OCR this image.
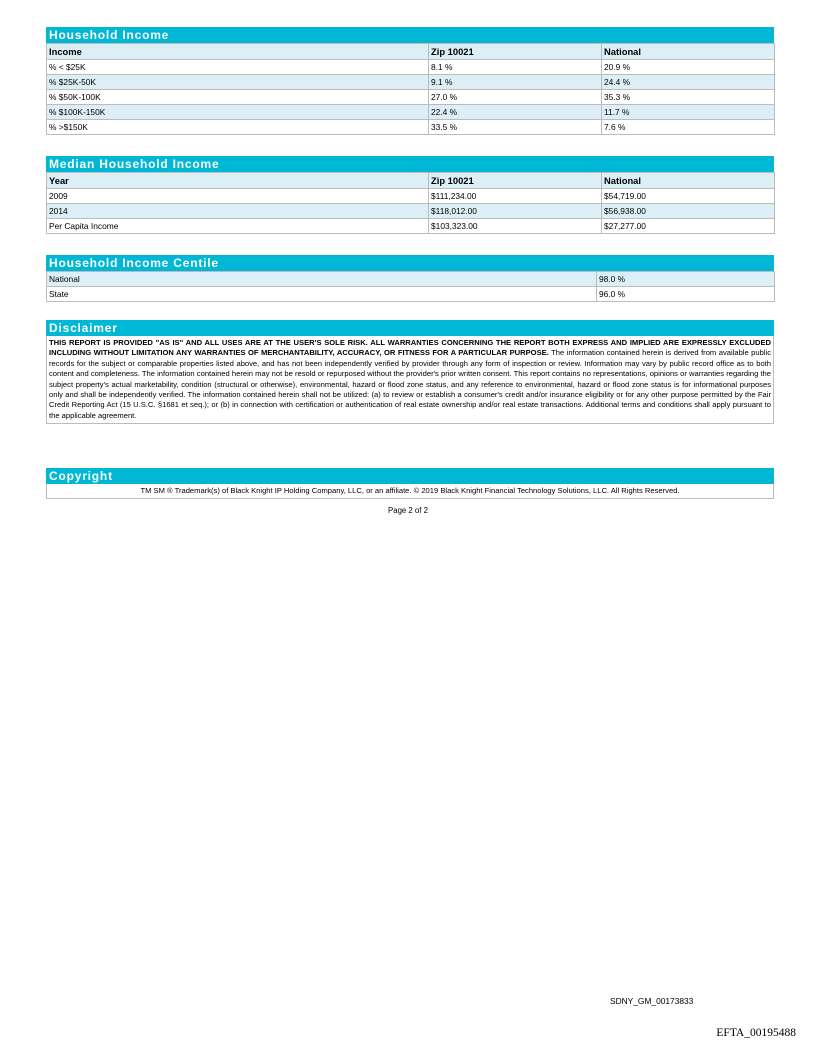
Household Income
Income	Zip 10021	National
% < $25K	8.1 %	20.9 %
% $25K-50K	9.1 %	24.4 %
% $50K-100K	27.0 %	35.3 %
% $100K-150K	22.4 %	11.7 %
% >$150K	33.5 %	7.6 %
Median Household Income
Year	Zip 10021	National
2009	$111,234.00	$54,719.00
2014	$118,012.00	$56,938.00
Per Capita Income	$103,323.00	$27,277.00
Household Income Centile
National	98.0 %
State	96.0 %
Disclaimer
THIS REPORT IS PROVIDED "AS IS" AND ALL USES ARE AT THE USER'S SOLE RISK. ALL WARRANTIES CONCERNING THE REPORT BOTH EXPRESS AND IMPLIED ARE EXPRESSLY EXCLUDED INCLUDING WITHOUT LIMITATION ANY WARRANTIES OF MERCHANTABILITY, ACCURACY, OR FITNESS FOR A PARTICULAR PURPOSE. The information contained herein is derived from available public records for the subject or comparable properties listed above, and has not been independently verified by provider through any form of inspection or review. Information may vary by public record office as to both content and completeness. The information contained herein may not be resold or repurposed without the provider's prior written consent. This report contains no representations, opinions or warranties regarding the subject property's actual marketability, condition (structural or otherwise), environmental, hazard or flood zone status, and any reference to environmental, hazard or flood zone status is for informational purposes only and shall be independently verified. The information contained herein shall not be utilized: (a) to review or establish a consumer's credit and/or insurance eligibility or for any other purpose permitted by the Fair Credit Reporting Act (15 U.S.C. §1681 et seq.); or (b) in connection with certification or authentication of real estate ownership and/or real estate transactions. Additional terms and conditions shall apply pursuant to the applicable agreement.
Copyright
TM SM ® Trademark(s) of Black Knight IP Holding Company, LLC, or an affiliate. © 2019 Black Knight Financial Technology Solutions, LLC. All Rights Reserved.
Page 2 of 2
SDNY_GM_00173833
EFTA_00195488
